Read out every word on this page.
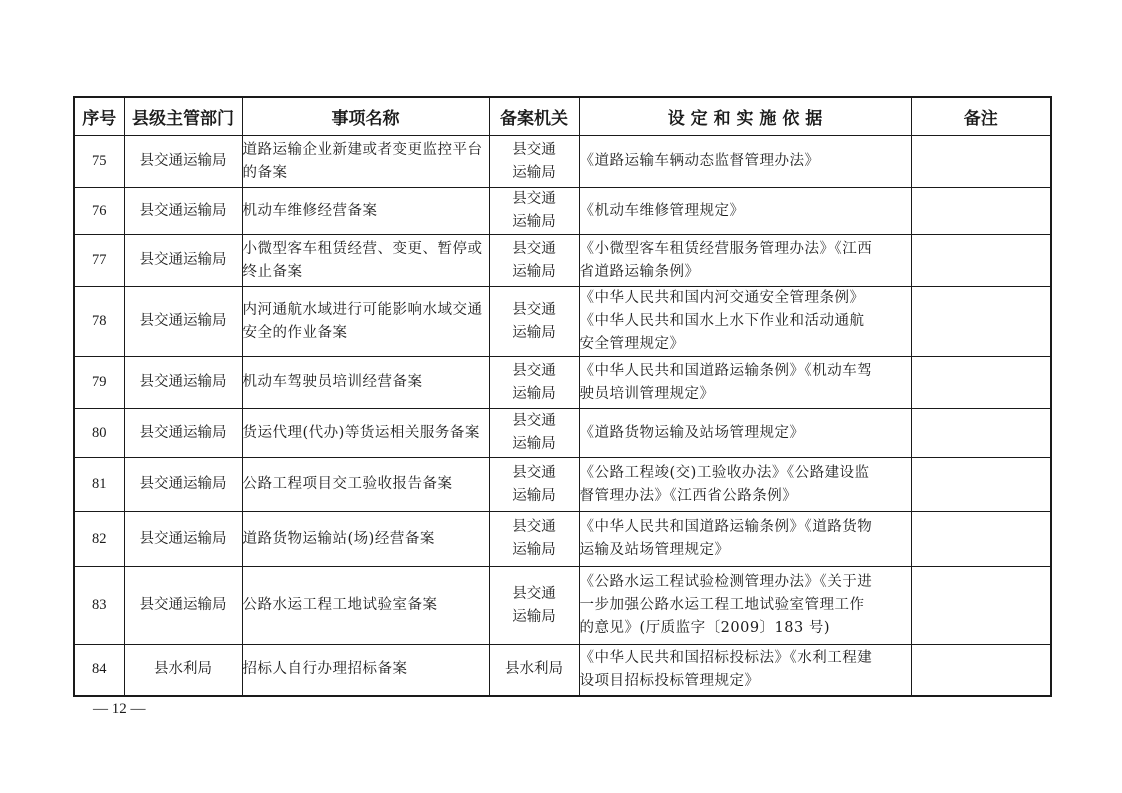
序号	县级主管部门	事项名称	备案机关	设 定 和 实 施 依 据	备注
75	县交通运输局	道路运输企业新建或者变更监控平台的备案	县交通
运输局	《道路运输车辆动态监督管理办法》	

76	县交通运输局	机动车维修经营备案	县交通
运输局	《机动车维修管理规定》	

77	县交通运输局	小微型客车租赁经营、变更、暂停或终止备案	县交通
运输局	《小微型客车租赁经营服务管理办法》《江西
省道路运输条例》	

78	县交通运输局	内河通航水域进行可能影响水域交通安全的作业备案	县交通
运输局	《中华人民共和国内河交通安全管理条例》
《中华人民共和国水上水下作业和活动通航
安全管理规定》	

79	县交通运输局	机动车驾驶员培训经营备案	县交通
运输局	《中华人民共和国道路运输条例》《机动车驾
驶员培训管理规定》	

80	县交通运输局	货运代理(代办)等货运相关服务备案	县交通
运输局	《道路货物运输及站场管理规定》	

81	县交通运输局	公路工程项目交工验收报告备案	县交通
运输局	《公路工程竣(交)工验收办法》《公路建设监
督管理办法》《江西省公路条例》	

82	县交通运输局	道路货物运输站(场)经营备案	县交通
运输局	《中华人民共和国道路运输条例》《道路货物
运输及站场管理规定》	

83	县交通运输局	公路水运工程工地试验室备案	县交通
运输局	《公路水运工程试验检测管理办法》《关于进
一步加强公路水运工程工地试验室管理工作
的意见》(厅质监字〔2009〕183 号)	

84	县水利局	招标人自行办理招标备案	县水利局	《中华人民共和国招标投标法》《水利工程建
设项目招标投标管理规定》	

— 12 —
